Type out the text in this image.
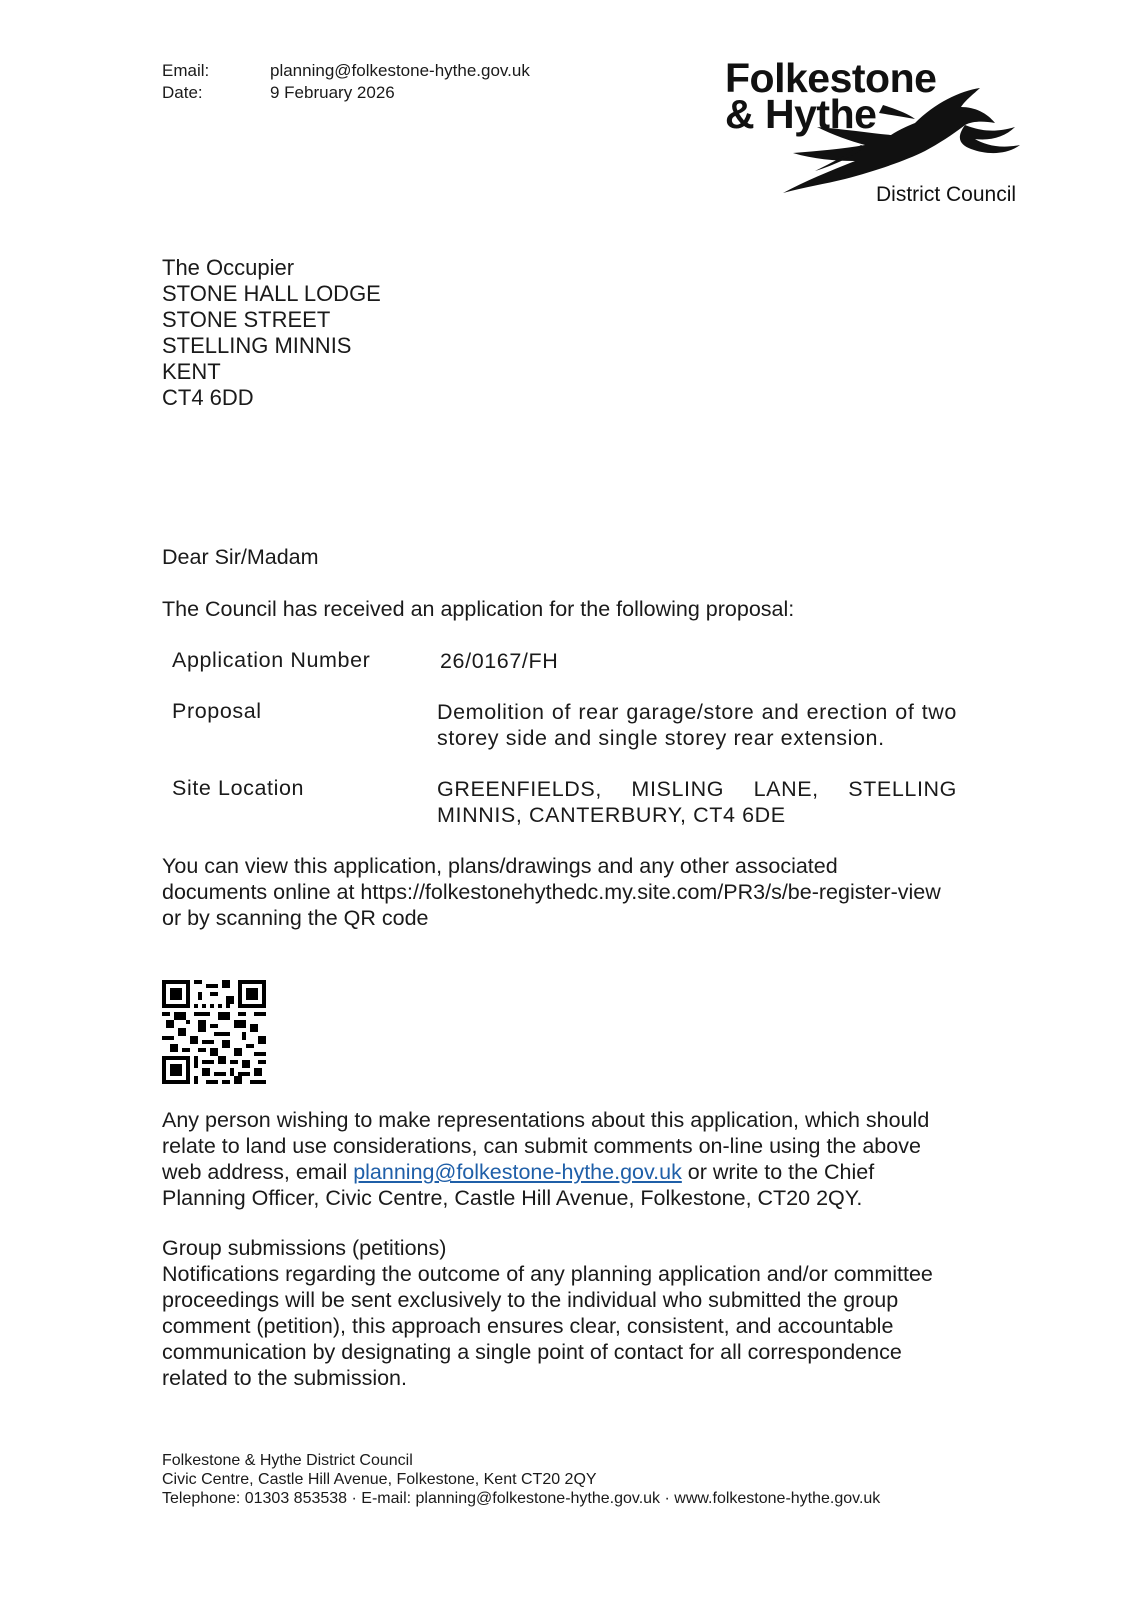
Email:	planning@folkestone-hythe.gov.uk
Date:	9 February 2026	Folkestone
& Hythe
District Council
The Occupier
STONE HALL LODGE
STONE STREET
STELLING MINNIS
KENT
CT4 6DD
Dear Sir/Madam
The Council has received an application for the following proposal:
Application Number	26/0167/FH
Proposal	Demolition of rear garage/store and erection of two storey side and single storey rear extension.
Site Location	GREENFIELDS, MISLING LANE, STELLING
MINNIS, CANTERBURY, CT4 6DE
You can view this application, plans/drawings and any other associated
documents online at https://folkestonehythedc.my.site.com/PR3/s/be-register-view
or by scanning the QR code
Any person wishing to make representations about this application, which should
relate to land use considerations, can submit comments on-line using the above
web address, email planning@folkestone-hythe.gov.uk or write to the Chief
Planning Officer, Civic Centre, Castle Hill Avenue, Folkestone, CT20 2QY.
Group submissions (petitions)
Notifications regarding the outcome of any planning application and/or committee
proceedings will be sent exclusively to the individual who submitted the group
comment (petition), this approach ensures clear, consistent, and accountable
communication by designating a single point of contact for all correspondence
related to the submission.
Folkestone & Hythe District Council
Civic Centre, Castle Hill Avenue, Folkestone, Kent CT20 2QY
Telephone: 01303 853538 · E-mail: planning@folkestone-hythe.gov.uk · www.folkestone-hythe.gov.uk
